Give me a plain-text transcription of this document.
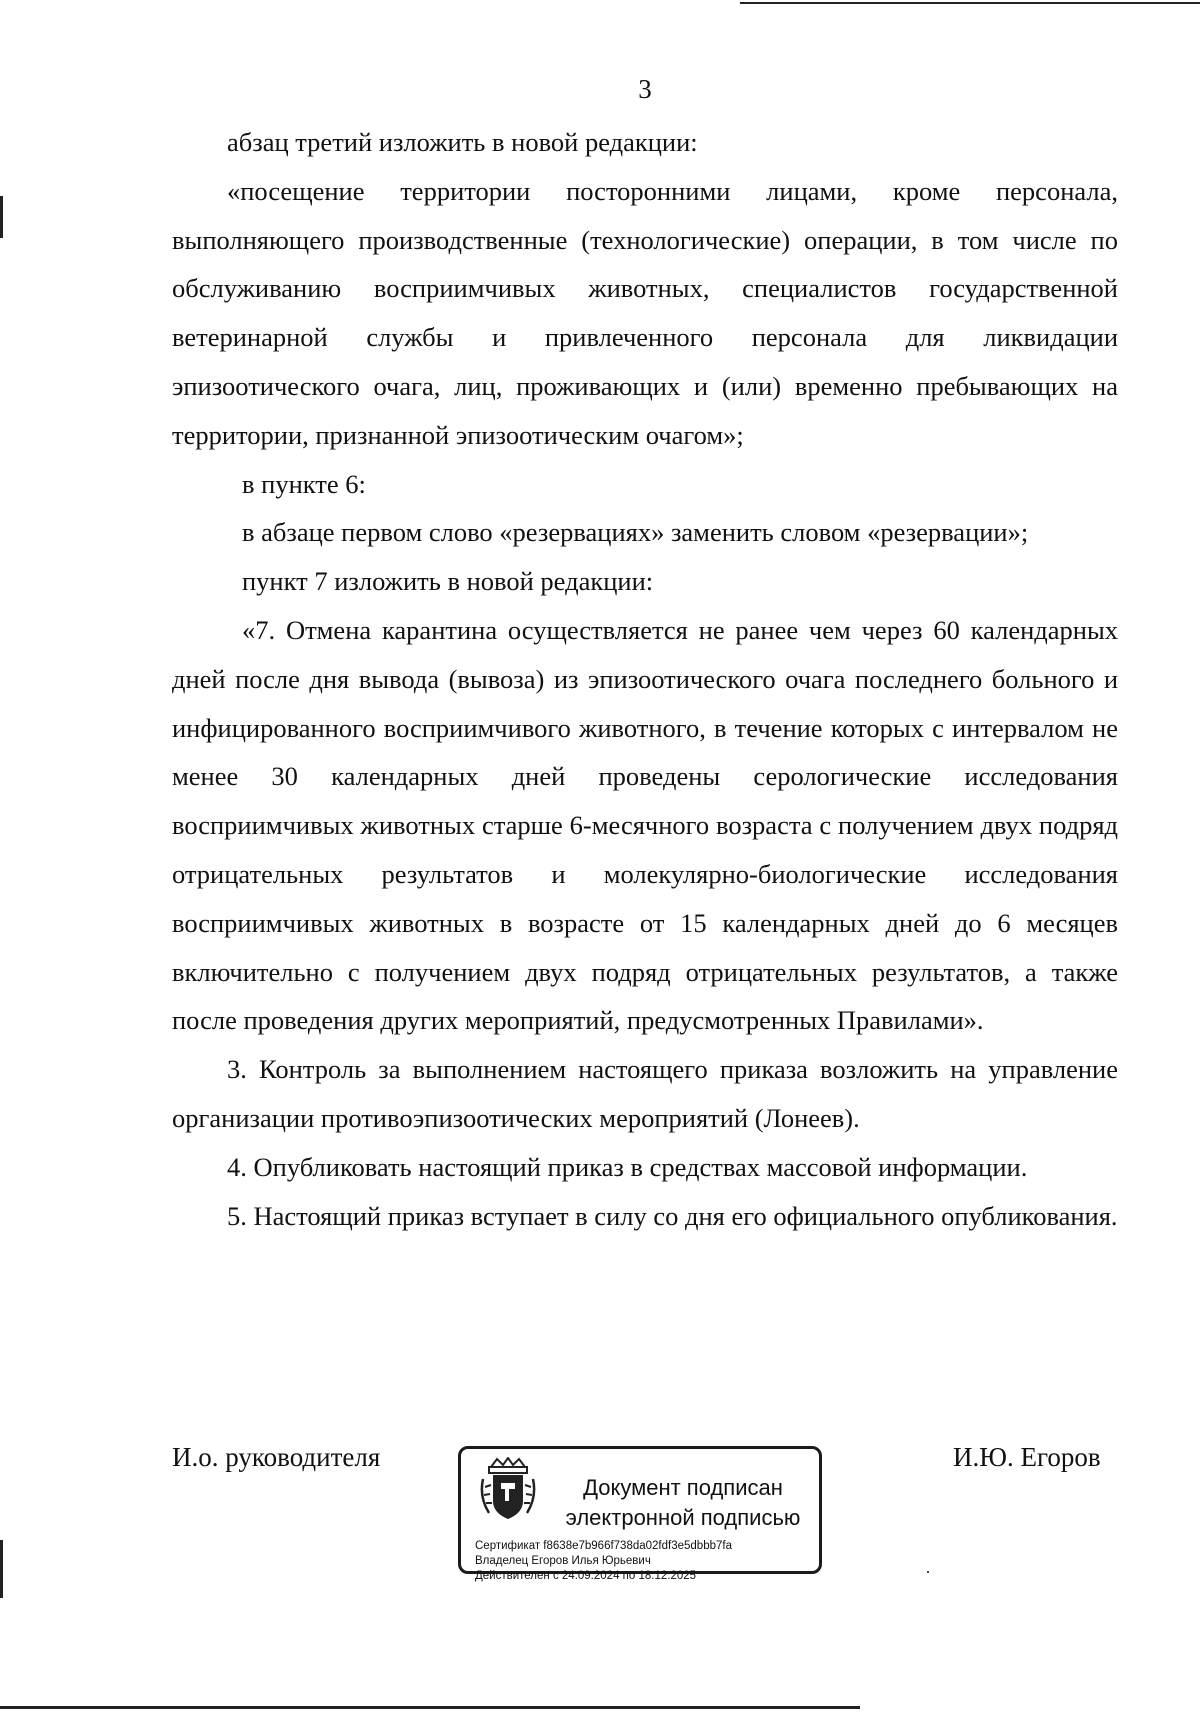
3

абзац третий изложить в новой редакции:

«посещение территории посторонними лицами, кроме персонала, выполняющего производственные (технологические) операции, в том числе по обслуживанию восприимчивых животных, специалистов государственной ветеринарной службы и привлеченного персонала для ликвидации эпизоотического очага, лиц, проживающих и (или) временно пребывающих на территории, признанной эпизоотическим очагом»;

в пункте 6:

в абзаце первом слово «резервациях» заменить словом «резервации»;

пункт 7 изложить в новой редакции:

«7. Отмена карантина осуществляется не ранее чем через 60 календарных дней после дня вывода (вывоза) из эпизоотического очага последнего больного и инфицированного восприимчивого животного, в течение которых с интервалом не менее 30 календарных дней проведены серологические исследования восприимчивых животных старше 6-месячного возраста с получением двух подряд отрицательных результатов и молекулярно-биологические исследования восприимчивых животных в возрасте от 15 календарных дней до 6 месяцев включительно с получением двух подряд отрицательных результатов, а также после проведения других мероприятий, предусмотренных Правилами».

3. Контроль за выполнением настоящего приказа возложить на управление организации противоэпизоотических мероприятий (Лонеев).

4. Опубликовать настоящий приказ в средствах массовой информации.

5. Настоящий приказ вступает в силу со дня его официального опубликования.

И.о. руководителя	И.Ю. Егоров
Документ подписан
электронной подписью
Сертификат f8638e7b966f738da02fdf3e5dbbb7fa
Владелец Егоров Илья Юрьевич
Действителен с 24.09.2024 по 18.12.2025
